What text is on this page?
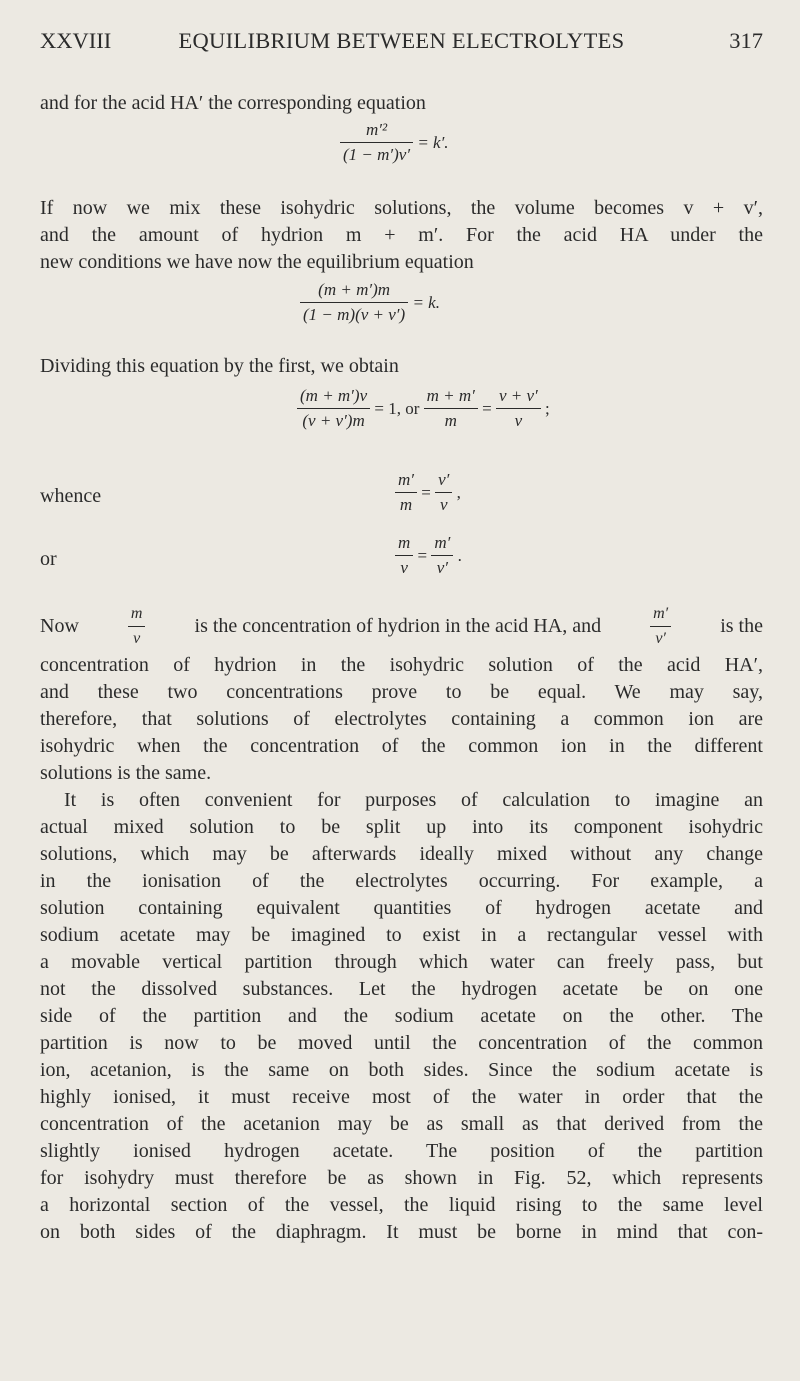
XXVIII	EQUILIBRIUM BETWEEN ELECTROLYTES	317

and for the acid HA′ the corresponding equation

$\frac{\text{m′²}}{(1 - m')v'} = k'$.
If now we mix these isohydric solutions, the volume becomes v + v′,
and the amount of hydrion m + m′. For the acid HA under the
new conditions we have now the equilibrium equation
$\frac{(m + m')m}{(1 - m)(v + v')} = k$.

Dividing this equation by the first, we obtain

$\frac{(m + m')v}{(v + v')m} = 1$, or $\frac{m + m'}{m} = \frac{v + v'}{v}$ ;
whence	$\frac{m'}{m} = \frac{v'}{v}$ ,
or	$\frac{m}{v} = \frac{m'}{v'}$ .
Now	$\frac{m}{v}$ is the concentration of hydrion in the acid HA, and	$\frac{m'}{v'}$ is the
concentration of hydrion in the isohydric solution of the acid HA′,
and these two concentrations prove to be equal. We may say,
therefore, that solutions of electrolytes containing a common ion are
isohydric when the concentration of the common ion in the different
solutions is the same.
It is often convenient for purposes of calculation to imagine an
actual mixed solution to be split up into its component isohydric
solutions, which may be afterwards ideally mixed without any change
in the ionisation of the electrolytes occurring. For example, a
solution containing equivalent quantities of hydrogen acetate and
sodium acetate may be imagined to exist in a rectangular vessel with
a movable vertical partition through which water can freely pass, but
not the dissolved substances. Let the hydrogen acetate be on one
side of the partition and the sodium acetate on the other. The
partition is now to be moved until the concentration of the common
ion, acetanion, is the same on both sides. Since the sodium acetate is
highly ionised, it must receive most of the water in order that the
concentration of the acetanion may be as small as that derived from the
slightly ionised hydrogen acetate. The position of the partition
for isohydry must therefore be as shown in Fig. 52, which represents
a horizontal section of the vessel, the liquid rising to the same level
on both sides of the diaphragm. It must be borne in mind that con-
